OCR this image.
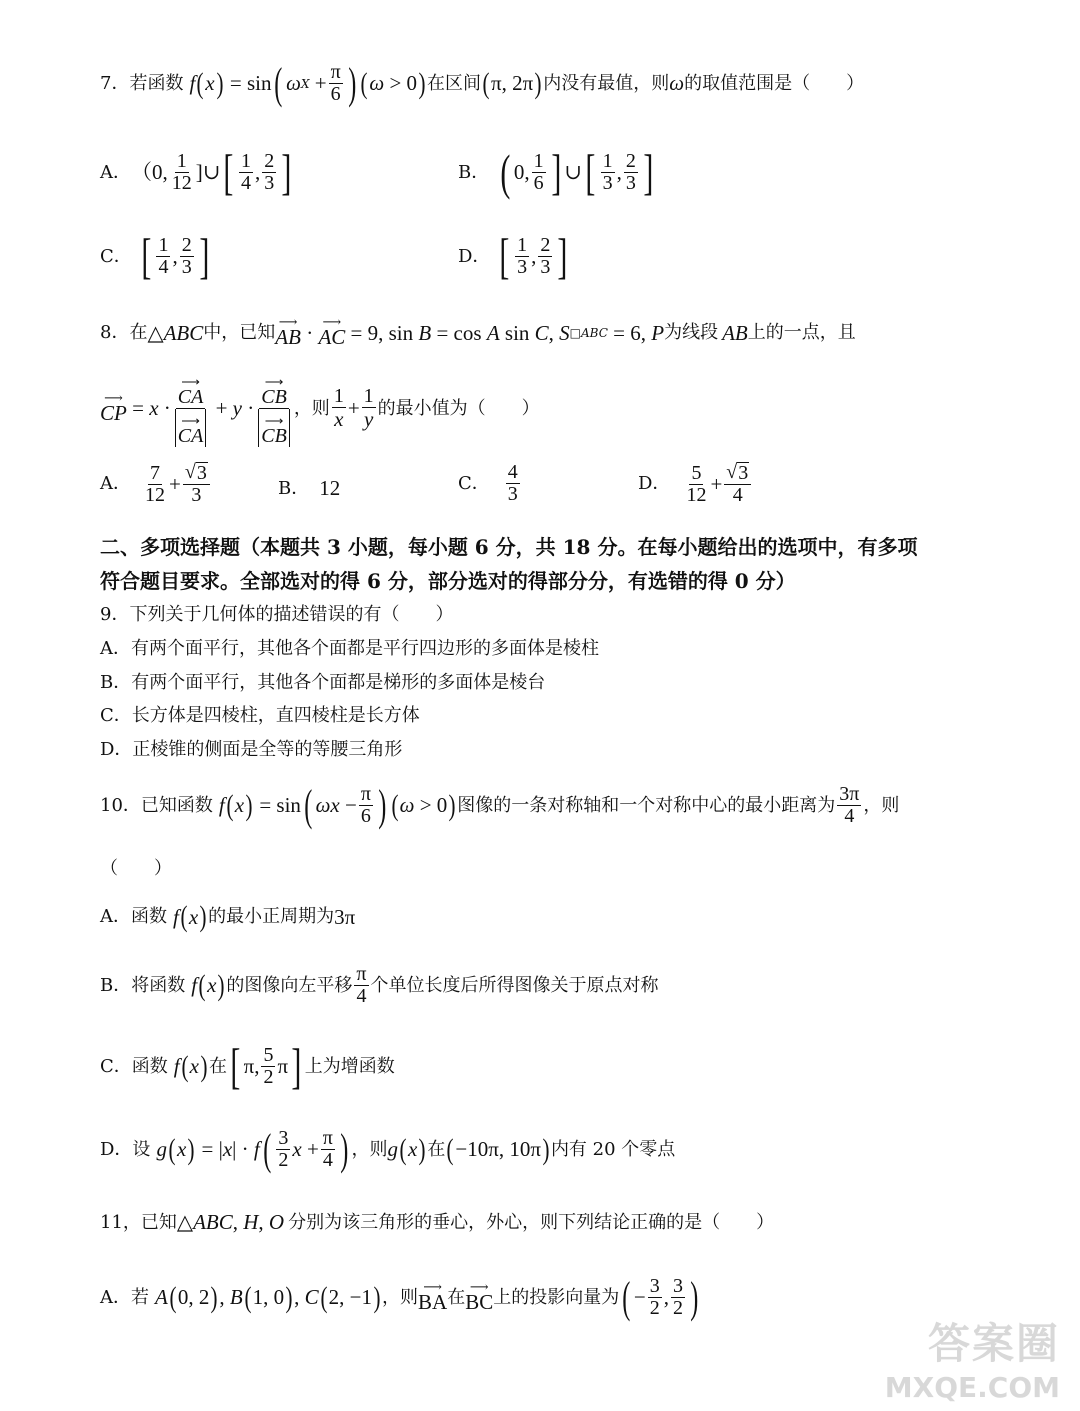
7． 若函数 f ( x ) = sin ( ω $X + \frac{\pi}{6}$ ) ( ω > 0 ) 在区间 ( π, 2π ) 内没有最值，则 ω 的取值范围是（　　）
A． （0, $\frac{1}{12}$ ]∪ [ $\frac{1}{4}$ , $\frac{2}{3}$ ]	B． ( 0, $\frac{1}{6}$ ] ∪ [ $\frac{1}{3}$ , $\frac{2}{3}$ ]
C． [ $\frac{1}{4}$ , $\frac{2}{3}$ ]	D． [ $\frac{1}{3}$ , $\frac{2}{3}$ ]
8． 在 △ ABC 中，已知
⟶
AB · ⟶
AC = 9, sin B = cos A sin C , S □ABC = 6, P 为线段 AB 上的一点，且
⟶
CP = x · ⟶
CA
⟶
CA + y · ⟶
CB
⟶
CB ，则 $\frac{1}{x} + \frac{1}{y}$ 的最小值为（　　）
A． $\frac{7}{12} + \frac{√ 3}{3}$	B． 12	C． $\frac{4}{3}$	D． $\frac{5}{12} + \frac{√ 3}{4}$
二、多项选择题（本题共 3 小题，每小题 6 分，共 18 分。在每小题给出的选项中，有多项
符合题目要求。全部选对的得 6 分，部分选对的得部分分，有选错的得 0 分）
9．下列关于几何体的描述错误的有（　　）
A．有两个面平行，其他各个面都是平行四边形的多面体是棱柱
B．有两个面平行，其他各个面都是梯形的多面体是棱台
C．长方体是四棱柱，直四棱柱是长方体
D．正棱锥的侧面是全等的等腰三角形
10． 已知函数 f ( x ) = sin ( $\omega x - \frac{\pi}{6}$ ) ( ω > 0 ) 图像的一条对称轴和一个对称中心的最小距离为 $\frac{3\pi}{4}$ ，则
（　　）
A．函数 f ( x ) 的最小正周期为 3π
B．将函数 f ( x ) 的图像向左平移 $\frac{\pi}{4}$ 个单位长度后所得图像关于原点对称
C．函数 f ( x ) 在 [ π, $\frac{5}{2}$ π ] 上为增函数
D．设 g ( x ) = | x | · f ( $\frac{3}{2}$ $x + \frac{\pi}{4}$ ) ，则 g ( x ) 在 ( −10π, 10π ) 内有 20 个零点
11，已知 △ ABC , H , O 分别为该三角形的垂心，外心，则下列结论正确的是（　　）
A．若 A ( 0, 2 ) , B ( 1, 0 ) , C ( 2, −1 ) ，则
⟶
BA 在
⟶
BC 上的投影向量为 ( − $\frac{3}{2}$ , $\frac{3}{2}$ )
答案圈
MXQE.COM
